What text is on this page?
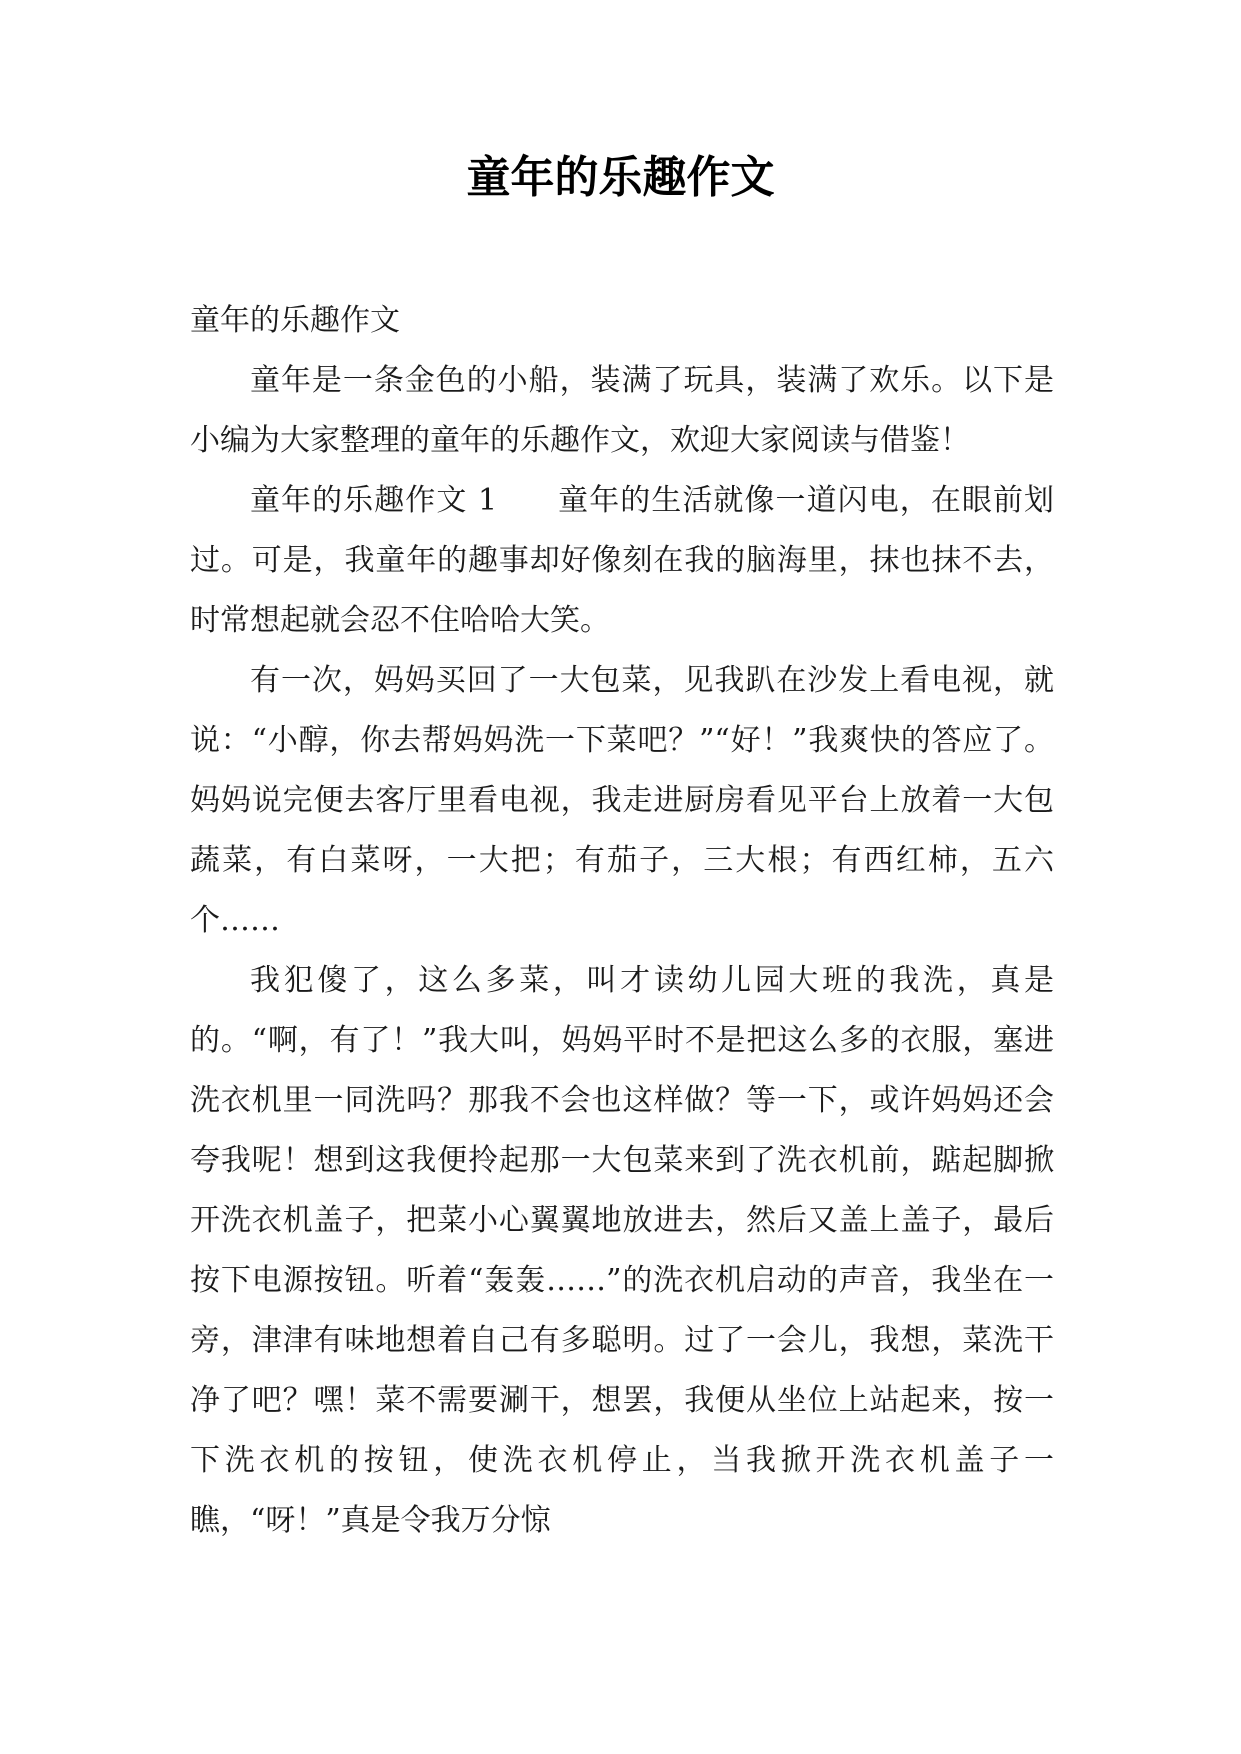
童年的乐趣作文

童年的乐趣作文

童年是一条金色的小船，装满了玩具，装满了欢乐。以下是小编为大家整理的童年的乐趣作文，欢迎大家阅读与借鉴！

童年的乐趣作文 1 童年的生活就像一道闪电，在眼前划过。可是，我童年的趣事却好像刻在我的脑海里，抹也抹不去，时常想起就会忍不住哈哈大笑。

有一次，妈妈买回了一大包菜，见我趴在沙发上看电视，就说：“小醇，你去帮妈妈洗一下菜吧？”“好！”我爽快的答应了。妈妈说完便去客厅里看电视，我走进厨房看见平台上放着一大包蔬菜，有白菜呀，一大把；有茄子，三大根；有西红柿，五六个……

我犯傻了，这么多菜，叫才读幼儿园大班的我洗，真是的。“啊，有了！”我大叫，妈妈平时不是把这么多的衣服，塞进洗衣机里一同洗吗？那我不会也这样做？等一下，或许妈妈还会夸我呢！想到这我便拎起那一大包菜来到了洗衣机前，踮起脚掀开洗衣机盖子，把菜小心翼翼地放进去，然后又盖上盖子，最后按下电源按钮。听着“轰轰……”的洗衣机启动的声音，我坐在一旁，津津有味地想着自己有多聪明。过了一会儿，我想，菜洗干净了吧？嘿！菜不需要涮干，想罢，我便从坐位上站起来，按一下洗衣机的按钮，使洗衣机停止，当我掀开洗衣机盖子一瞧，“呀！”真是令我万分惊
